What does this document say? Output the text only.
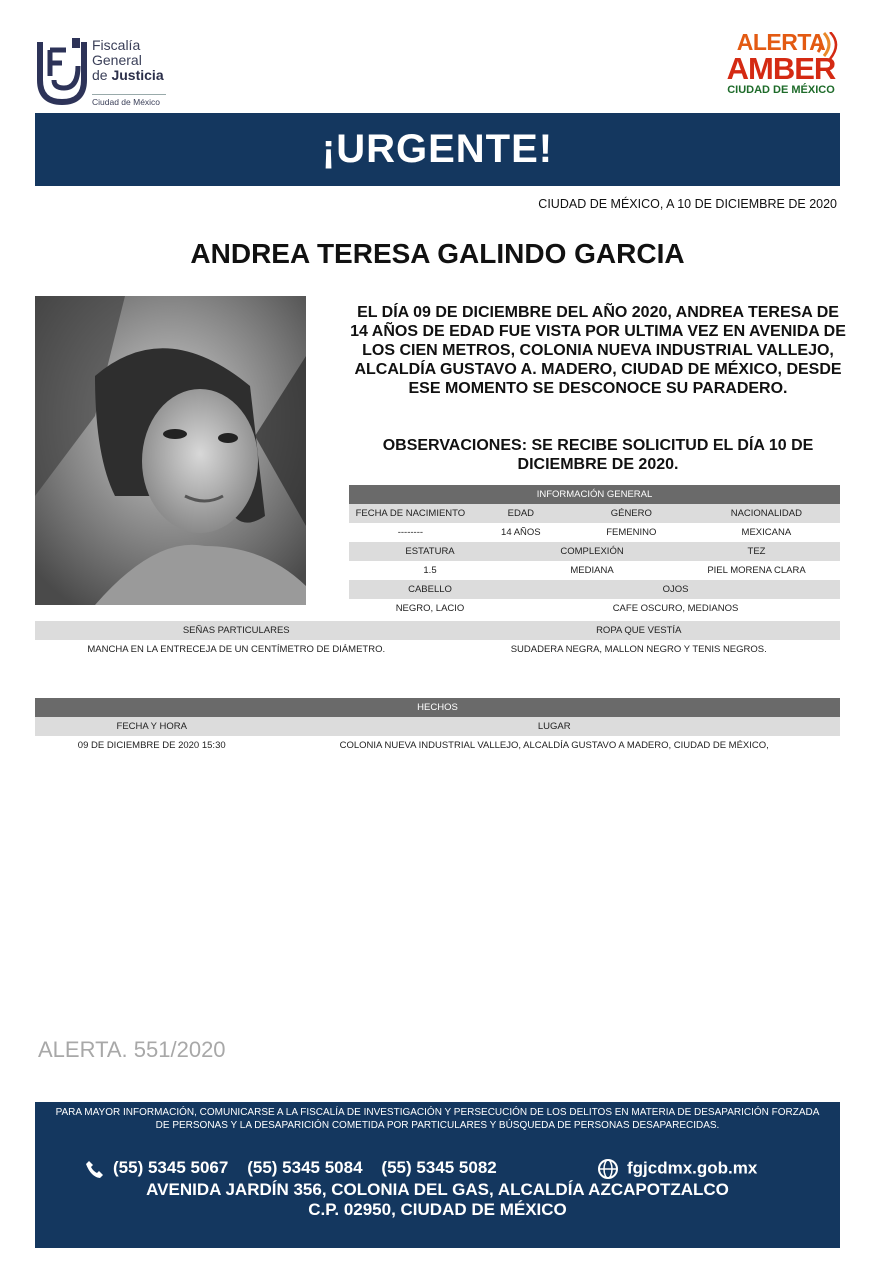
Fiscalía
General
de Justicia
Ciudad de México
ALERTA
AMBER
CIUDAD DE MÉXICO
¡URGENTE!
CIUDAD DE MÉXICO, A 10 DE DICIEMBRE DE 2020
ANDREA TERESA GALINDO GARCIA
EL DÍA 09 DE DICIEMBRE DEL AÑO 2020, ANDREA TERESA DE 14 AÑOS DE EDAD FUE VISTA POR ULTIMA VEZ EN AVENIDA DE LOS CIEN METROS, COLONIA NUEVA INDUSTRIAL VALLEJO, ALCALDÍA GUSTAVO A. MADERO, CIUDAD DE MÉXICO, DESDE ESE MOMENTO SE DESCONOCE SU PARADERO.
OBSERVACIONES: SE RECIBE SOLICITUD EL DÍA 10 DE DICIEMBRE DE 2020.
INFORMACIÓN GENERAL
FECHA DE NACIMIENTO	EDAD	GÉNERO	NACIONALIDAD
--------	14 AÑOS	FEMENINO	MEXICANA

ESTATURA	COMPLEXIÓN	TEZ
1.5	MEDIANA	PIEL MORENA CLARA
CABELLO	OJOS
NEGRO, LACIO	CAFE OSCURO, MEDIANOS
SEÑAS PARTICULARES	ROPA QUE VESTÍA
MANCHA EN LA ENTRECEJA DE UN CENTÍMETRO DE DIÁMETRO.	SUDADERA NEGRA, MALLON NEGRO Y TENIS NEGROS.
HECHOS	
FECHA Y HORA	LUGAR
09 DE DICIEMBRE DE 2020 15:30	COLONIA NUEVA INDUSTRIAL VALLEJO, ALCALDÍA GUSTAVO A MADERO, CIUDAD DE MÉXICO,
ALERTA. 551/2020
PARA MAYOR INFORMACIÓN, COMUNICARSE A LA FISCALÍA DE INVESTIGACIÓN Y PERSECUCIÓN DE LOS DELITOS EN MATERIA DE DESAPARICIÓN FORZADA DE PERSONAS Y LA DESAPARICIÓN COMETIDA POR PARTICULARES Y BÚSQUEDA DE PERSONAS DESAPARECIDAS.
(55) 5345 5067    (55) 5345 5084    (55) 5345 5082	fgjcdmx.gob.mx
AVENIDA JARDÍN 356, COLONIA DEL GAS, ALCALDÍA AZCAPOTZALCO
C.P. 02950, CIUDAD DE MÉXICO
